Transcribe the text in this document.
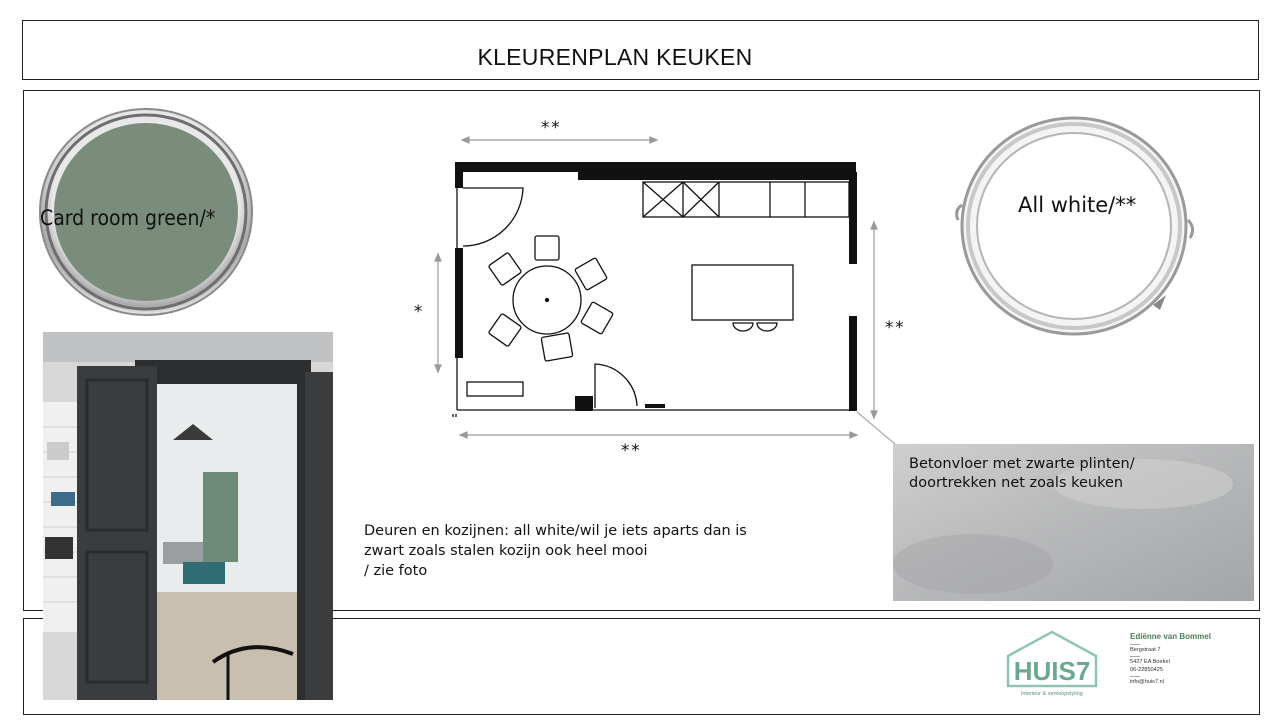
KLEURENPLAN KEUKEN
Card room green/*
All white/**
**
*
**
**
Betonvloer met zwarte plinten/
doortrekken net zoals keuken
Deuren en kozijnen: all white/wil je iets aparts dan is
zwart zoals stalen kozijn ook heel mooi
/ zie foto
HUIS7
interieur & verkoopstyling
Ediënne van Bommel
Bergstraat 7
5427 EA Boekel
06-22850425
info@huis7.nl
